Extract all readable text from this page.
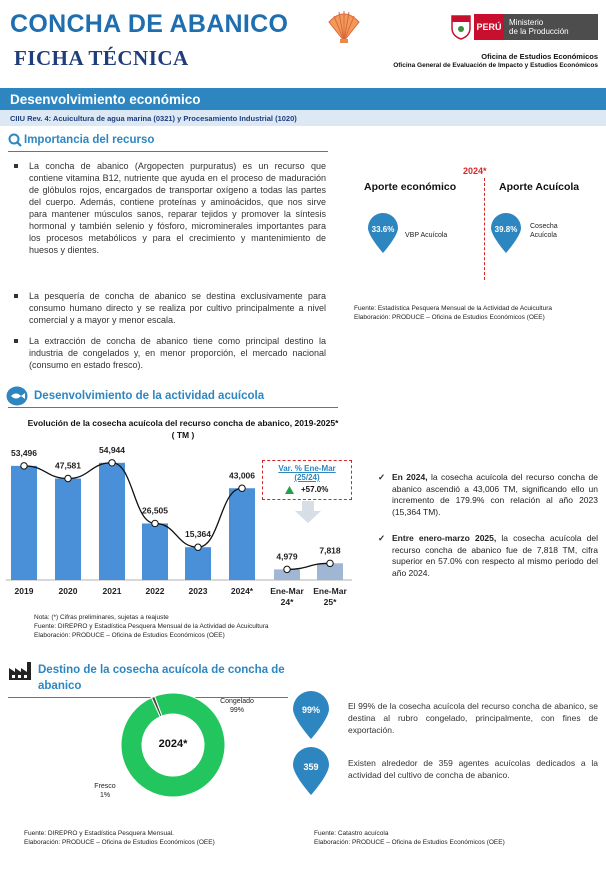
CONCHA DE ABANICO
FICHA TÉCNICA
PERÚ Ministerio
de la Producción
Oficina de Estudios Económicos
Oficina General de Evaluación de Impacto y Estudios Económicos
Desenvolvimiento económico
CIIU Rev. 4: Acuicultura de agua marina (0321) y Procesamiento Industrial (1020)
Importancia del recurso
La concha de abanico (Argopecten purpuratus) es un recurso que contiene vitamina B12, nutriente que ayuda en el proceso de maduración de glóbulos rojos, encargados de transportar oxígeno a todas las partes del cuerpo. Además, contiene proteínas y aminoácidos, que nos sirve para mantener músculos sanos, reparar tejidos y promover la síntesis hormonal y también selenio y fósforo, microminerales importantes para los procesos metabólicos y para el crecimiento y mantenimiento de huesos y dientes.
La pesquería de concha de abanico se destina exclusivamente para consumo humano directo y se realiza por cultivo principalmente a nivel comercial y a mayor y menor escala.
La extracción de concha de abanico tiene como principal destino la industria de congelados y, en menor proporción, el mercado nacional (consumo en estado fresco).
2024*
Aporte económico	Aporte Acuícola
33.6%
VBP Acuícola
39.8%	Cosecha
Acuícola
Fuente: Estadística Pesquera Mensual de la Actividad de Acuicultura
Elaboración: PRODUCE – Oficina de Estudios Económicos (OEE)
Desenvolvimiento de la actividad acuícola
Evolución de la cosecha acuícola del recurso concha de abanico, 2019-2025*
( TM )
53,496
47,581
54,944
26,505
15,364
43,006
4,979
7,818
2019	2020	2021	2022	2023	2024* Ene-Mar
24*
Ene-Mar
25*
Var. % Ene-Mar
(25/24)
+57.0%
Nota: (*) Cifras preliminares, sujetas a reajuste
Fuente: DIREPRO y Estadística Pesquera Mensual de la Actividad de Acuicultura
Elaboración: PRODUCE – Oficina de Estudios Económicos (OEE)
✓ En 2024, la cosecha acuícola del recurso concha de abanico ascendió a 43,006 TM, significando ello un incremento de 179.9% con relación al año 2023 (15,364 TM).
✓ Entre enero-marzo 2025, la cosecha acuícola del recurso concha de abanico fue de 7,818 TM, cifra superior en 57.0% con respecto al mismo periodo del año 2024.
Destino de la cosecha acuícola de concha de
abanico
2024*
Congelado
99%
Fresco
1%
99%	El 99% de la cosecha acuícola del recurso concha de abanico, se destina al rubro congelado, principalmente, con fines de exportación.
359	Existen alrededor de 359 agentes acuícolas dedicados a la actividad del cultivo de concha de abanico.
Fuente: DIREPRO y Estadística Pesquera Mensual.
Elaboración: PRODUCE – Oficina de Estudios Económicos (OEE)
Fuente: Catastro acuícola
Elaboración: PRODUCE – Oficina de Estudios Económicos (OEE)
